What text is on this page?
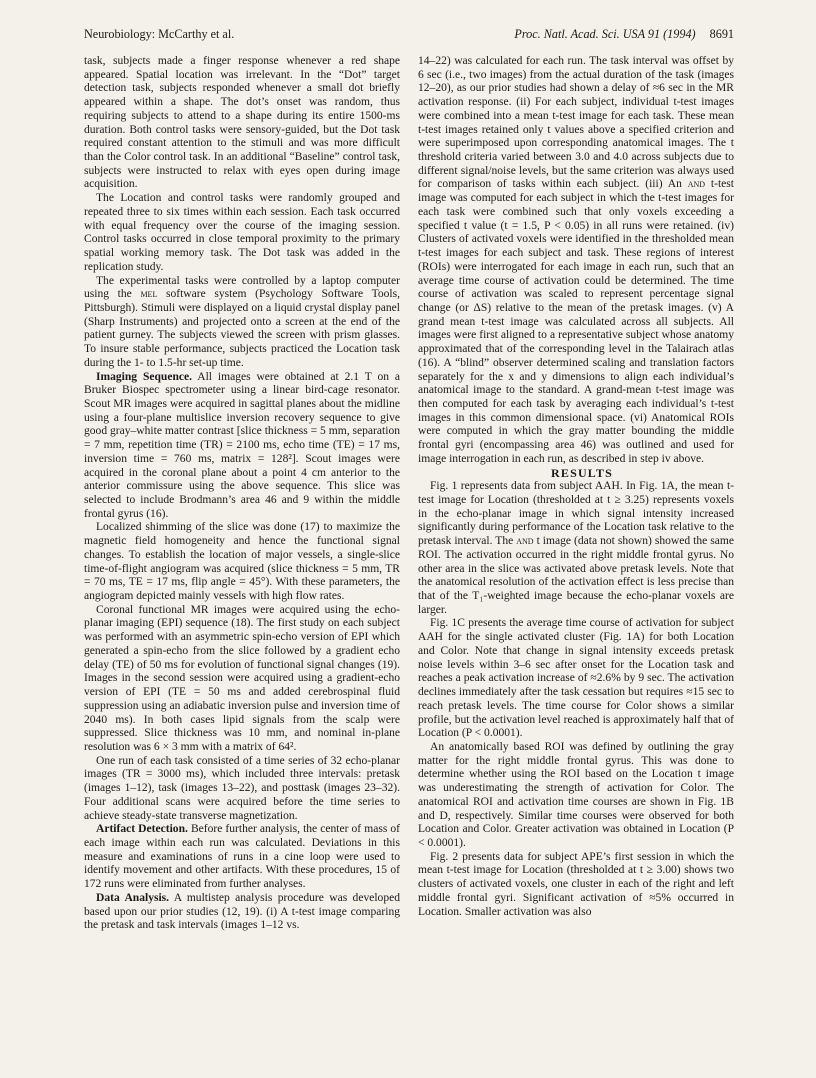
Neurobiology: McCarthy et al.	Proc. Natl. Acad. Sci. USA 91 (1994) 8691

task, subjects made a finger response whenever a red shape appeared. Spatial location was irrelevant. In the “Dot” target detection task, subjects responded whenever a small dot briefly appeared within a shape. The dot’s onset was random, thus requiring subjects to attend to a shape during its entire 1500-ms duration. Both control tasks were sensory-guided, but the Dot task required constant attention to the stimuli and was more difficult than the Color control task. In an additional “Baseline” control task, subjects were instructed to relax with eyes open during image acquisition.

The Location and control tasks were randomly grouped and repeated three to six times within each session. Each task occurred with equal frequency over the course of the imaging session. Control tasks occurred in close temporal proximity to the primary spatial working memory task. The Dot task was added in the replication study.

The experimental tasks were controlled by a laptop computer using the mel software system (Psychology Software Tools, Pittsburgh). Stimuli were displayed on a liquid crystal display panel (Sharp Instruments) and projected onto a screen at the end of the patient gurney. The subjects viewed the screen with prism glasses. To insure stable performance, subjects practiced the Location task during the 1- to 1.5-hr set-up time.

Imaging Sequence. All images were obtained at 2.1 T on a Bruker Biospec spectrometer using a linear bird-cage resonator. Scout MR images were acquired in sagittal planes about the midline using a four-plane multislice inversion recovery sequence to give good gray–white matter contrast [slice thickness = 5 mm, separation = 7 mm, repetition time (TR) = 2100 ms, echo time (TE) = 17 ms, inversion time = 760 ms, matrix = 128²]. Scout images were acquired in the coronal plane about a point 4 cm anterior to the anterior commissure using the above sequence. This slice was selected to include Brodmann’s area 46 and 9 within the middle frontal gyrus (16).

Localized shimming of the slice was done (17) to maximize the magnetic field homogeneity and hence the functional signal changes. To establish the location of major vessels, a single-slice time-of-flight angiogram was acquired (slice thickness = 5 mm, TR = 70 ms, TE = 17 ms, flip angle = 45°). With these parameters, the angiogram depicted mainly vessels with high flow rates.

Coronal functional MR images were acquired using the echo-planar imaging (EPI) sequence (18). The first study on each subject was performed with an asymmetric spin-echo version of EPI which generated a spin-echo from the slice followed by a gradient echo delay (TE) of 50 ms for evolution of functional signal changes (19). Images in the second session were acquired using a gradient-echo version of EPI (TE = 50 ms and added cerebrospinal fluid suppression using an adiabatic inversion pulse and inversion time of 2040 ms). In both cases lipid signals from the scalp were suppressed. Slice thickness was 10 mm, and nominal in-plane resolution was 6 × 3 mm with a matrix of 64².

One run of each task consisted of a time series of 32 echo-planar images (TR = 3000 ms), which included three intervals: pretask (images 1–12), task (images 13–22), and posttask (images 23–32). Four additional scans were acquired before the time series to achieve steady-state transverse magnetization.

Artifact Detection. Before further analysis, the center of mass of each image within each run was calculated. Deviations in this measure and examinations of runs in a cine loop were used to identify movement and other artifacts. With these procedures, 15 of 172 runs were eliminated from further analyses.

Data Analysis. A multistep analysis procedure was developed based upon our prior studies (12, 19). (i) A t-test image comparing the pretask and task intervals (images 1–12 vs.

14–22) was calculated for each run. The task interval was offset by 6 sec (i.e., two images) from the actual duration of the task (images 12–20), as our prior studies had shown a delay of ≈6 sec in the MR activation response. (ii) For each subject, individual t-test images were combined into a mean t-test image for each task. These mean t-test images retained only t values above a specified criterion and were superimposed upon corresponding anatomical images. The t threshold criteria varied between 3.0 and 4.0 across subjects due to different signal/noise levels, but the same criterion was always used for comparison of tasks within each subject. (iii) An and t-test image was computed for each subject in which the t-test images for each task were combined such that only voxels exceeding a specified t value (t = 1.5, P < 0.05) in all runs were retained. (iv) Clusters of activated voxels were identified in the thresholded mean t-test images for each subject and task. These regions of interest (ROIs) were interrogated for each image in each run, such that an average time course of activation could be determined. The time course of activation was scaled to represent percentage signal change (or ΔS) relative to the mean of the pretask images. (v) A grand mean t-test image was calculated across all subjects. All images were first aligned to a representative subject whose anatomy approximated that of the corresponding level in the Talairach atlas (16). A “blind” observer determined scaling and translation factors separately for the x and y dimensions to align each individual’s anatomical image to the standard. A grand-mean t-test image was then computed for each task by averaging each individual’s t-test images in this common dimensional space. (vi) Anatomical ROIs were computed in which the gray matter bounding the middle frontal gyri (encompassing area 46) was outlined and used for image interrogation in each run, as described in step iv above.

RESULTS

Fig. 1 represents data from subject AAH. In Fig. 1A, the mean t-test image for Location (thresholded at t ≥ 3.25) represents voxels in the echo-planar image in which signal intensity increased significantly during performance of the Location task relative to the pretask interval. The and t image (data not shown) showed the same ROI. The activation occurred in the right middle frontal gyrus. No other area in the slice was activated above pretask levels. Note that the anatomical resolution of the activation effect is less precise than that of the T₁-weighted image because the echo-planar voxels are larger.

Fig. 1C presents the average time course of activation for subject AAH for the single activated cluster (Fig. 1A) for both Location and Color. Note that change in signal intensity exceeds pretask noise levels within 3–6 sec after onset for the Location task and reaches a peak activation increase of ≈2.6% by 9 sec. The activation declines immediately after the task cessation but requires ≈15 sec to reach pretask levels. The time course for Color shows a similar profile, but the activation level reached is approximately half that of Location (P < 0.0001).

An anatomically based ROI was defined by outlining the gray matter for the right middle frontal gyrus. This was done to determine whether using the ROI based on the Location t image was underestimating the strength of activation for Color. The anatomical ROI and activation time courses are shown in Fig. 1B and D, respectively. Similar time courses were observed for both Location and Color. Greater activation was obtained in Location (P < 0.0001).

Fig. 2 presents data for subject APE’s first session in which the mean t-test image for Location (thresholded at t ≥ 3.00) shows two clusters of activated voxels, one cluster in each of the right and left middle frontal gyri. Significant activation of ≈5% occurred in Location. Smaller activation was also
